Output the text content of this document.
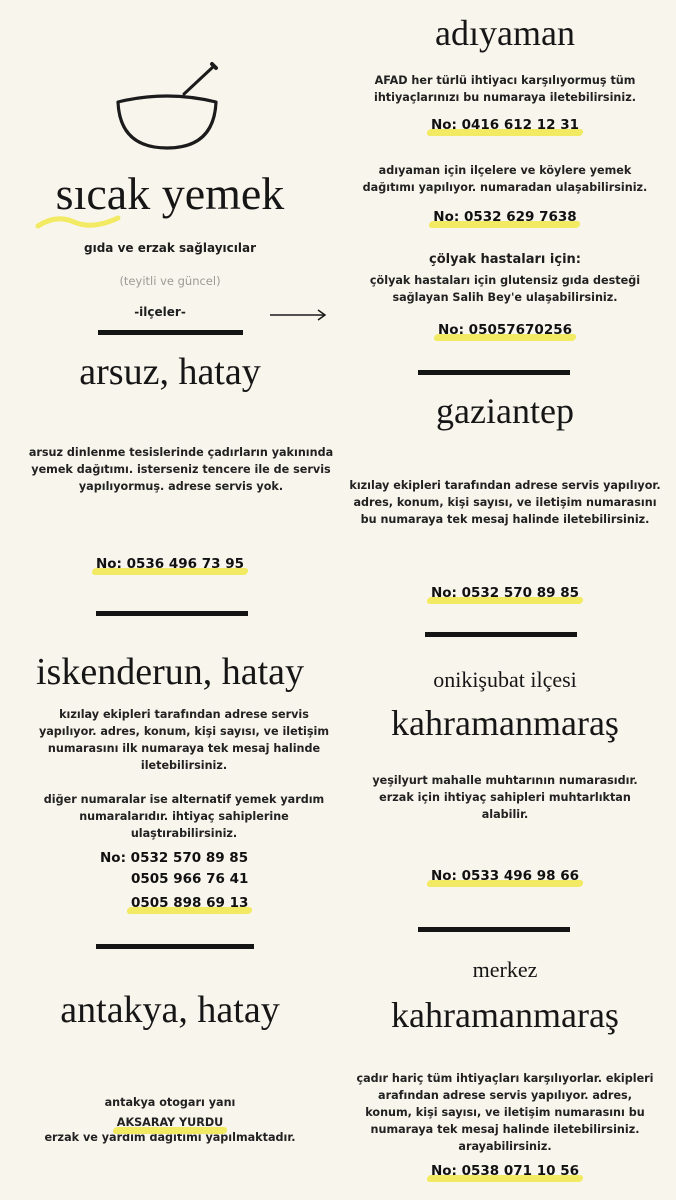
sıcak yemek
gıda ve erzak sağlayıcılar
(teyitli ve güncel)
-ilçeler-
arsuz, hatay
arsuz dinlenme tesislerinde çadırların yakınında yemek dağıtımı. isterseniz tencere ile de servis yapılıyormuş. adrese servis yok.
No: 0536 496 73 95
iskenderun, hatay
kızılay ekipleri tarafından adrese servis yapılıyor. adres, konum, kişi sayısı, ve iletişim numarasını ilk numaraya tek mesaj halinde iletebilirsiniz.
diğer numaralar ise alternatif yemek yardım numaralarıdır. ihtiyaç sahiplerine ulaştırabilirsiniz.
No: 0532 570 89 85
0505 966 76 41
0505 898 69 13
antakya, hatay
antakya otogarı yanı
AKSARAY YURDU
erzak ve yardım dağıtımı yapılmaktadır.
adıyaman
AFAD her türlü ihtiyacı karşılıyormuş tüm ihtiyaçlarınızı bu numaraya iletebilirsiniz.
No: 0416 612 12 31
adıyaman için ilçelere ve köylere yemek dağıtımı yapılıyor. numaradan ulaşabilirsiniz.
No: 0532 629 7638
çölyak hastaları için:
çölyak hastaları için glutensiz gıda desteği sağlayan Salih Bey'e ulaşabilirsiniz.
No: 05057670256
gaziantep
kızılay ekipleri tarafından adrese servis yapılıyor. adres, konum, kişi sayısı, ve iletişim numarasını bu numaraya tek mesaj halinde iletebilirsiniz.
No: 0532 570 89 85
onikişubat ilçesi
kahramanmaraş
yeşilyurt mahalle muhtarının numarasıdır. erzak için ihtiyaç sahipleri muhtarlıktan alabilir.
No: 0533 496 98 66
merkez
kahramanmaraş
çadır hariç tüm ihtiyaçları karşılıyorlar. ekipleri arafından adrese servis yapılıyor. adres, konum, kişi sayısı, ve iletişim numarasını bu numaraya tek mesaj halinde iletebilirsiniz. arayabilirsiniz.
No: 0538 071 10 56
